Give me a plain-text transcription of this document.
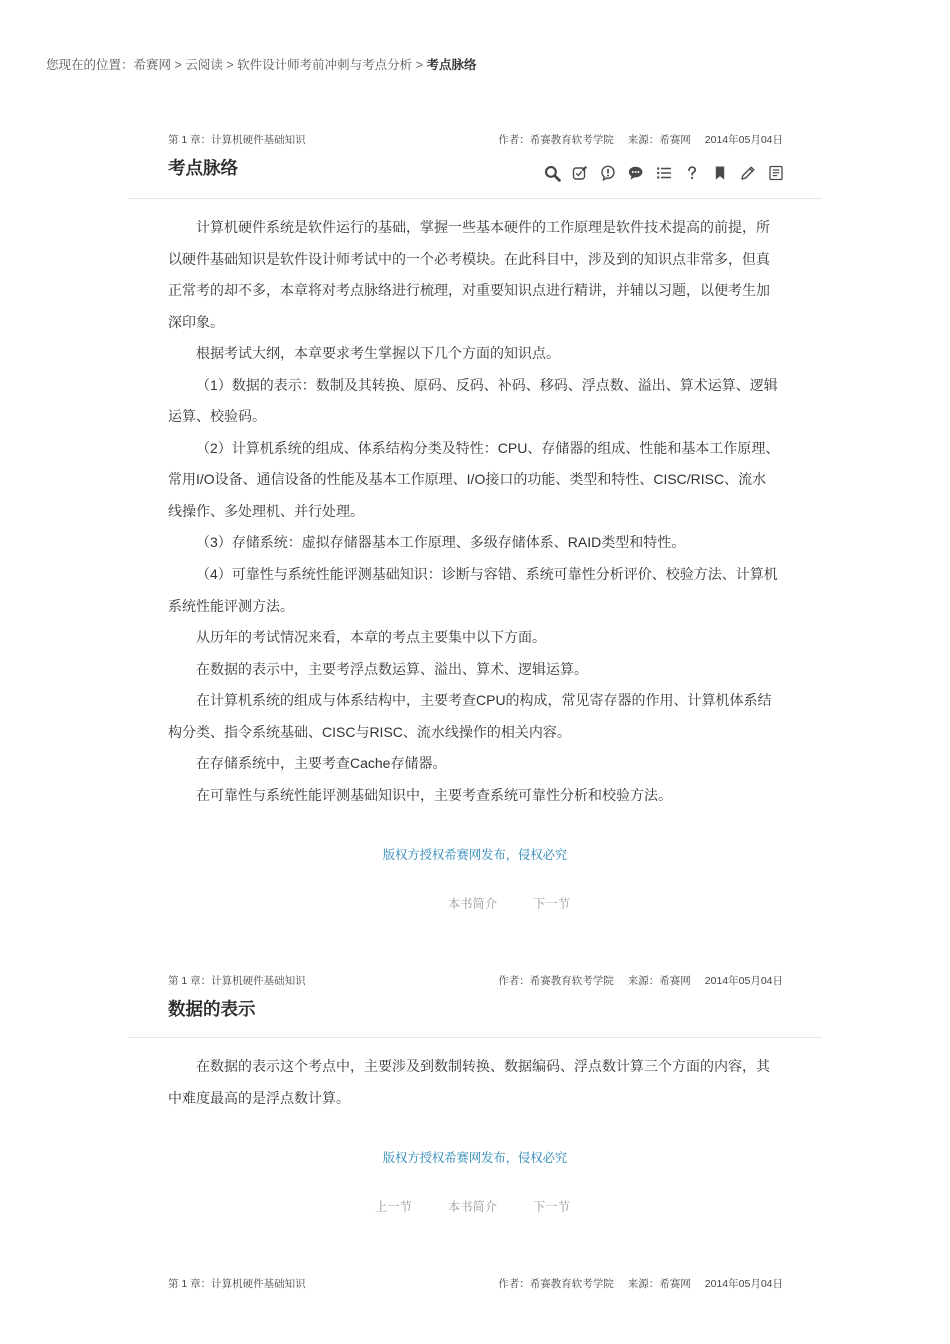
您现在的位置：希赛网 > 云阅读 > 软件设计师考前冲刺与考点分析 > 考点脉络
第 1 章：计算机硬件基础知识	作者：希赛教育软考学院 来源：希赛网 2014年05月04日
考点脉络
计算机硬件系统是软件运行的基础，掌握一些基本硬件的工作原理是软件技术提高的前提，所
以硬件基础知识是软件设计师考试中的一个必考模块。在此科目中，涉及到的知识点非常多，但真
正常考的却不多，本章将对考点脉络进行梳理，对重要知识点进行精讲，并辅以习题，以便考生加
深印象。
根据考试大纲，本章要求考生掌握以下几个方面的知识点。
（1）数据的表示：数制及其转换、原码、反码、补码、移码、浮点数、溢出、算术运算、逻辑
运算、校验码。
（2）计算机系统的组成、体系结构分类及特性：CPU、存储器的组成、性能和基本工作原理、
常用I/O设备、通信设备的性能及基本工作原理、I/O接口的功能、类型和特性、CISC/RISC、流水
线操作、多处理机、并行处理。
（3）存储系统：虚拟存储器基本工作原理、多级存储体系、RAID类型和特性。
（4）可靠性与系统性能评测基础知识：诊断与容错、系统可靠性分析评价、校验方法、计算机
系统性能评测方法。
从历年的考试情况来看，本章的考点主要集中以下方面。
在数据的表示中，主要考浮点数运算、溢出、算术、逻辑运算。
在计算机系统的组成与体系结构中，主要考查CPU的构成，常见寄存器的作用、计算机体系结
构分类、指令系统基础、CISC与RISC、流水线操作的相关内容。
在存储系统中，主要考查Cache存储器。
在可靠性与系统性能评测基础知识中，主要考查系统可靠性分析和校验方法。
版权方授权希赛网发布，侵权必究
本书简介	下一节
第 1 章：计算机硬件基础知识	作者：希赛教育软考学院 来源：希赛网 2014年05月04日
数据的表示
在数据的表示这个考点中，主要涉及到数制转换、数据编码、浮点数计算三个方面的内容，其
中难度最高的是浮点数计算。
版权方授权希赛网发布，侵权必究
上一节	本书简介	下一节
第 1 章：计算机硬件基础知识	作者：希赛教育软考学院 来源：希赛网 2014年05月04日
